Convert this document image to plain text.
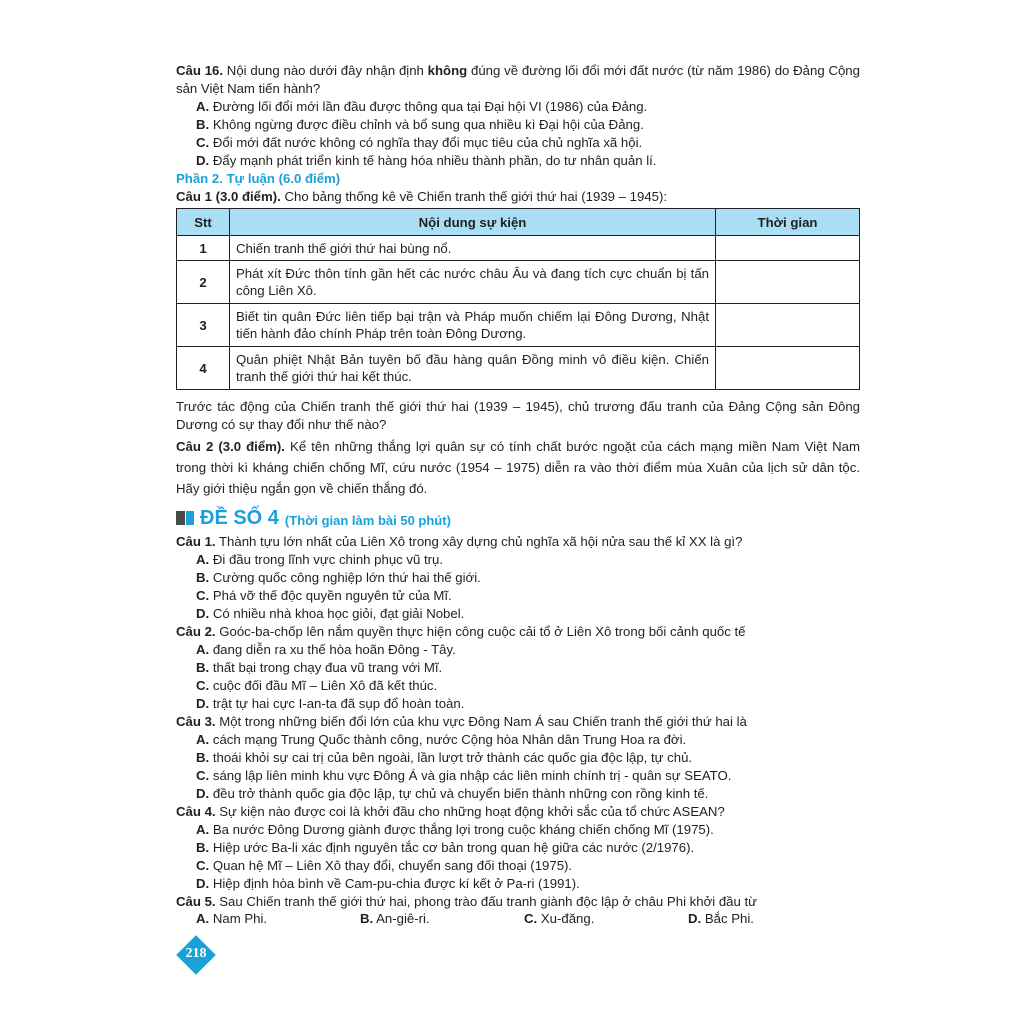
Câu 16. Nội dung nào dưới đây nhận định không đúng về đường lối đổi mới đất nước (từ năm 1986) do Đảng Cộng sản Việt Nam tiến hành?
A. Đường lối đổi mới lần đầu được thông qua tại Đại hội VI (1986) của Đảng.
B. Không ngừng được điều chỉnh và bổ sung qua nhiều kì Đại hội của Đảng.
C. Đổi mới đất nước không có nghĩa thay đổi mục tiêu của chủ nghĩa xã hội.
D. Đẩy mạnh phát triển kinh tế hàng hóa nhiều thành phần, do tư nhân quản lí.
Phần 2. Tự luận (6.0 điểm)
Câu 1 (3.0 điểm). Cho bảng thống kê về Chiến tranh thế giới thứ hai (1939 – 1945):
Stt	Nội dung sự kiện	Thời gian
1	Chiến tranh thế giới thứ hai bùng nổ.	
2	Phát xít Đức thôn tính gần hết các nước châu Âu và đang tích cực chuẩn bị tấn công Liên Xô.	
3	Biết tin quân Đức liên tiếp bại trận và Pháp muốn chiếm lại Đông Dương, Nhật tiến hành đảo chính Pháp trên toàn Đông Dương.	
4	Quân phiệt Nhật Bản tuyên bố đầu hàng quân Đồng minh vô điều kiện. Chiến tranh thế giới thứ hai kết thúc.	
Trước tác động của Chiến tranh thế giới thứ hai (1939 – 1945), chủ trương đấu tranh của Đảng Cộng sản Đông Dương có sự thay đổi như thế nào?
Câu 2 (3.0 điểm). Kể tên những thắng lợi quân sự có tính chất bước ngoặt của cách mạng miền Nam Việt Nam trong thời kì kháng chiến chống Mĩ, cứu nước (1954 – 1975) diễn ra vào thời điểm mùa Xuân của lịch sử dân tộc. Hãy giới thiệu ngắn gọn về chiến thắng đó.
ĐỀ SỐ 4 (Thời gian làm bài 50 phút)
Câu 1. Thành tựu lớn nhất của Liên Xô trong xây dựng chủ nghĩa xã hội nửa sau thế kỉ XX là gì?
A. Đi đầu trong lĩnh vực chinh phục vũ trụ.
B. Cường quốc công nghiệp lớn thứ hai thế giới.
C. Phá vỡ thế độc quyền nguyên tử của Mĩ.
D. Có nhiều nhà khoa học giỏi, đạt giải Nobel.
Câu 2. Goóc-ba-chốp lên nắm quyền thực hiện công cuộc cải tổ ở Liên Xô trong bối cảnh quốc tế
A. đang diễn ra xu thế hòa hoãn Đông - Tây.
B. thất bại trong chạy đua vũ trang với Mĩ.
C. cuộc đối đầu Mĩ – Liên Xô đã kết thúc.
D. trật tự hai cực I-an-ta đã sụp đổ hoàn toàn.
Câu 3. Một trong những biến đổi lớn của khu vực Đông Nam Á sau Chiến tranh thế giới thứ hai là
A. cách mạng Trung Quốc thành công, nước Cộng hòa Nhân dân Trung Hoa ra đời.
B. thoái khỏi sự cai trị của bên ngoài, lần lượt trở thành các quốc gia độc lập, tự chủ.
C. sáng lập liên minh khu vực Đông Á và gia nhập các liên minh chính trị - quân sự SEATO.
D. đều trở thành quốc gia độc lập, tự chủ và chuyển biến thành những con rồng kinh tế.
Câu 4. Sự kiện nào được coi là khởi đầu cho những hoạt động khởi sắc của tổ chức ASEAN?
A. Ba nước Đông Dương giành được thắng lợi trong cuộc kháng chiến chống Mĩ (1975).
B. Hiệp ước Ba-li xác định nguyên tắc cơ bản trong quan hệ giữa các nước (2/1976).
C. Quan hệ Mĩ – Liên Xô thay đổi, chuyển sang đối thoại (1975).
D. Hiệp định hòa bình về Cam-pu-chia được kí kết ở Pa-ri (1991).
Câu 5. Sau Chiến tranh thế giới thứ hai, phong trào đấu tranh giành độc lập ở châu Phi khởi đầu từ
A. Nam Phi.	B. An-giê-ri.	C. Xu-đăng.	D. Bắc Phi.
218
